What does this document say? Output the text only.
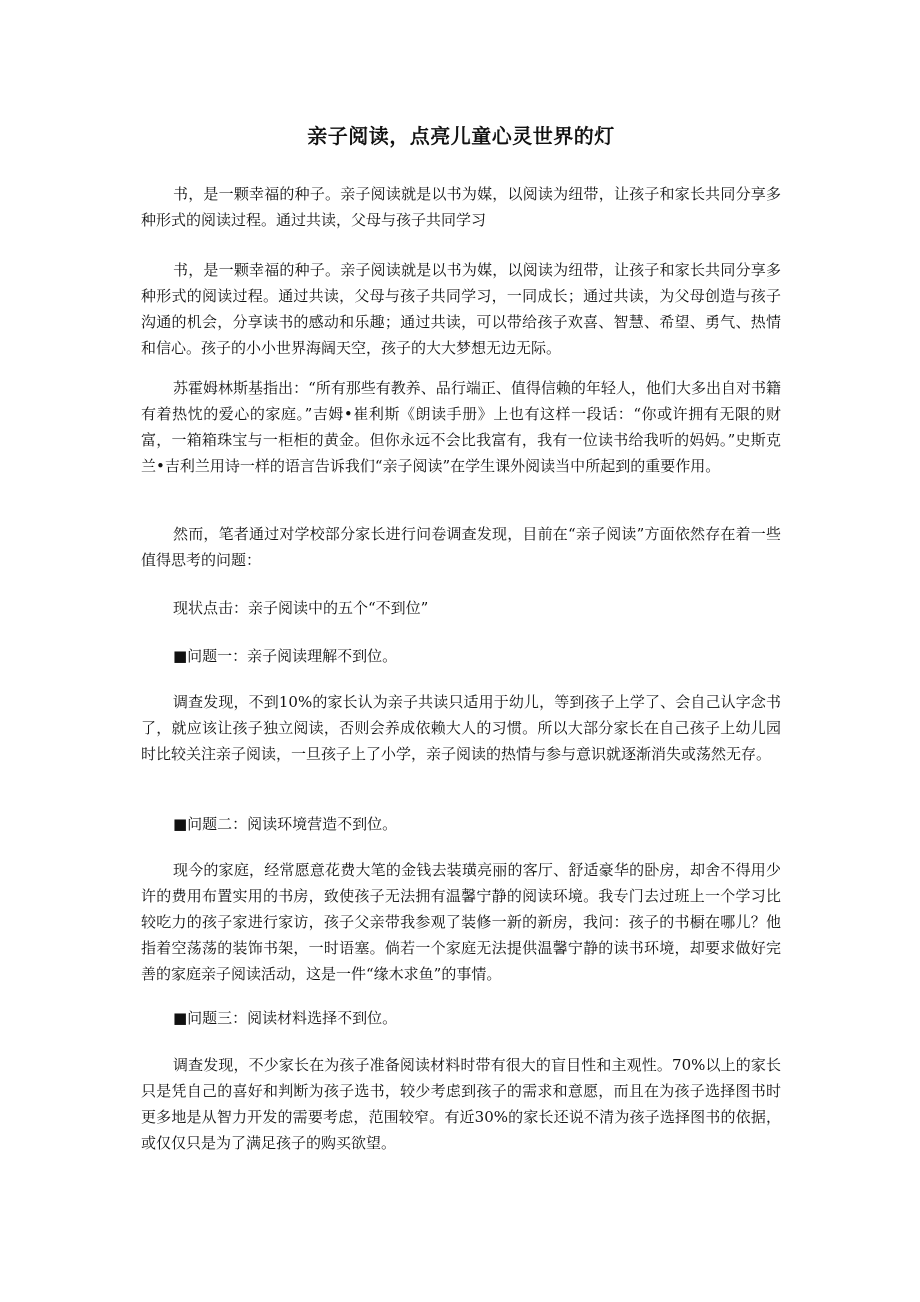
亲子阅读，点亮儿童心灵世界的灯

书，是一颗幸福的种子。亲子阅读就是以书为媒，以阅读为纽带，让孩子和家长共同分享多种形式的阅读过程。通过共读，父母与孩子共同学习

书，是一颗幸福的种子。亲子阅读就是以书为媒，以阅读为纽带，让孩子和家长共同分享多种形式的阅读过程。通过共读，父母与孩子共同学习，一同成长；通过共读，为父母创造与孩子沟通的机会，分享读书的感动和乐趣；通过共读，可以带给孩子欢喜、智慧、希望、勇气、热情和信心。孩子的小小世界海阔天空，孩子的大大梦想无边无际。

苏霍姆林斯基指出：“所有那些有教养、品行端正、值得信赖的年轻人，他们大多出自对书籍有着热忱的爱心的家庭。”吉姆•崔利斯《朗读手册》上也有这样一段话：“你或许拥有无限的财富，一箱箱珠宝与一柜柜的黄金。但你永远不会比我富有，我有一位读书给我听的妈妈。”史斯克兰•吉利兰用诗一样的语言告诉我们“亲子阅读”在学生课外阅读当中所起到的重要作用。

然而，笔者通过对学校部分家长进行问卷调查发现，目前在“亲子阅读”方面依然存在着一些值得思考的问题：

现状点击：亲子阅读中的五个“不到位”

■问题一：亲子阅读理解不到位。

调查发现，不到10%的家长认为亲子共读只适用于幼儿，等到孩子上学了、会自己认字念书了，就应该让孩子独立阅读，否则会养成依赖大人的习惯。所以大部分家长在自己孩子上幼儿园时比较关注亲子阅读，一旦孩子上了小学，亲子阅读的热情与参与意识就逐渐消失或荡然无存。

■问题二：阅读环境营造不到位。

现今的家庭，经常愿意花费大笔的金钱去装璜亮丽的客厅、舒适豪华的卧房，却舍不得用少许的费用布置实用的书房，致使孩子无法拥有温馨宁静的阅读环境。我专门去过班上一个学习比较吃力的孩子家进行家访，孩子父亲带我参观了装修一新的新房，我问：孩子的书橱在哪儿？他指着空荡荡的装饰书架，一时语塞。倘若一个家庭无法提供温馨宁静的读书环境，却要求做好完善的家庭亲子阅读活动，这是一件“缘木求鱼”的事情。

■问题三：阅读材料选择不到位。

调查发现，不少家长在为孩子准备阅读材料时带有很大的盲目性和主观性。70%以上的家长只是凭自己的喜好和判断为孩子选书，较少考虑到孩子的需求和意愿，而且在为孩子选择图书时更多地是从智力开发的需要考虑，范围较窄。有近30%的家长还说不清为孩子选择图书的依据，或仅仅只是为了满足孩子的购买欲望。
